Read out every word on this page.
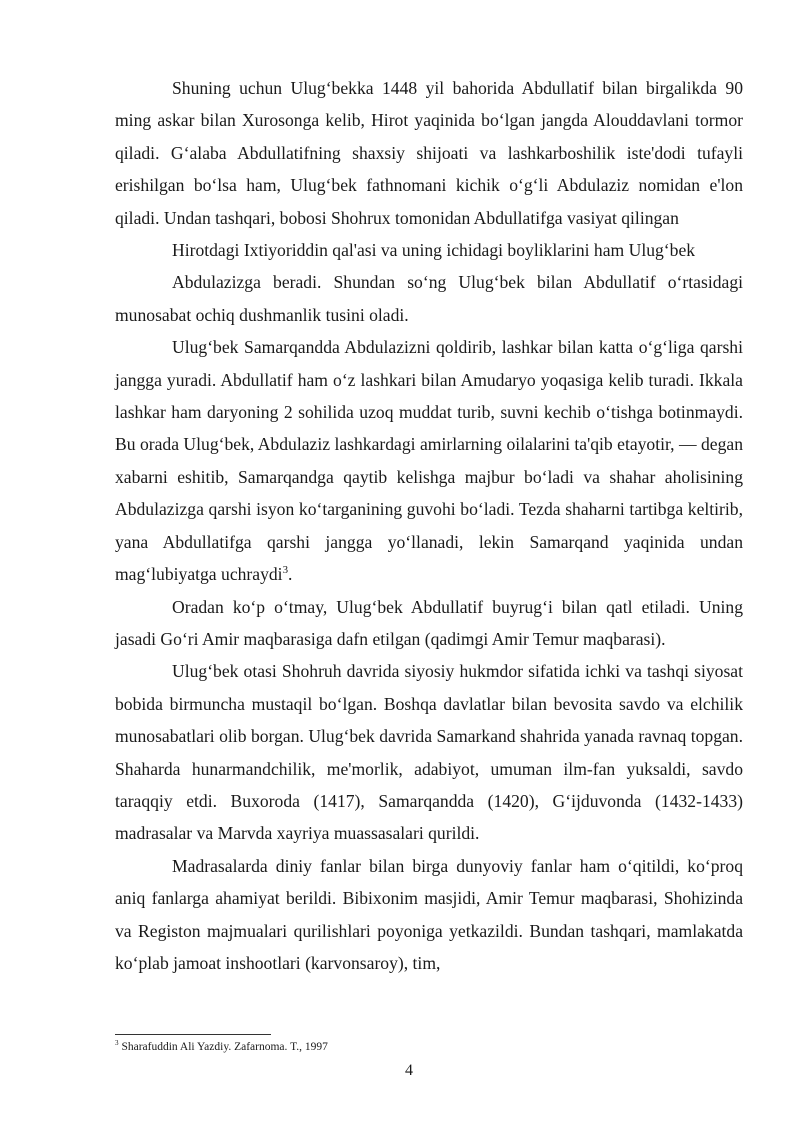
Shuning uchun Ulug‘bekka 1448 yil bahorida Abdullatif bilan birgalikda 90 ming askar bilan Xurosonga kelib, Hirot yaqinida bo‘lgan jangda Alouddavlani tormor qiladi. G‘alaba Abdullatifning shaxsiy shijoati va lashkarboshilik iste'dodi tufayli erishilgan bo‘lsa ham, Ulug‘bek fathnomani kichik o‘g‘li Abdulaziz nomidan e'lon qiladi. Undan tashqari, bobosi Shohrux tomonidan Abdullatifga vasiyat qilingan

Hirotdagi Ixtiyoriddin qal'asi va uning ichidagi boyliklarini ham Ulug‘bek

Abdulazizga beradi. Shundan so‘ng Ulug‘bek bilan Abdullatif o‘rtasidagi munosabat ochiq dushmanlik tusini oladi.

Ulug‘bek Samarqandda Abdulazizni qoldirib, lashkar bilan katta o‘g‘liga qarshi jangga yuradi. Abdullatif ham o‘z lashkari bilan Amudaryo yoqasiga kelib turadi. Ikkala lashkar ham daryoning 2 sohilida uzoq muddat turib, suvni kechib o‘tishga botinmaydi. Bu orada Ulug‘bek, Abdulaziz lashkardagi amirlarning oilalarini ta'qib etayotir, — degan xabarni eshitib, Samarqandga qaytib kelishga majbur bo‘ladi va shahar aholisining Abdulazizga qarshi isyon ko‘targanining guvohi bo‘ladi. Tezda shaharni tartibga keltirib, yana Abdullatifga qarshi jangga yo‘llanadi, lekin Samarqand yaqinida undan mag‘lubiyatga uchraydi$^3$.

Oradan ko‘p o‘tmay, Ulug‘bek Abdullatif buyrug‘i bilan qatl etiladi. Uning jasadi Go‘ri Amir maqbarasiga dafn etilgan (qadimgi Amir Temur maqbarasi).

Ulug‘bek otasi Shohruh davrida siyosiy hukmdor sifatida ichki va tashqi siyosat bobida birmuncha mustaqil bo‘lgan. Boshqa davlatlar bilan bevosita savdo va elchilik munosabatlari olib borgan. Ulug‘bek davrida Samarkand shahrida yanada ravnaq topgan. Shaharda hunarmandchilik, me'morlik, adabiyot, umuman ilm-fan yuksaldi, savdo taraqqiy etdi. Buxoroda (1417), Samarqandda (1420), G‘ijduvonda (1432-1433) madrasalar va Marvda xayriya muassasalari qurildi.

Madrasalarda diniy fanlar bilan birga dunyoviy fanlar ham o‘qitildi, ko‘proq aniq fanlarga ahamiyat berildi. Bibixonim masjidi, Amir Temur maqbarasi, Shohizinda va Registon majmualari qurilishlari poyoniga yetkazildi. Bundan tashqari, mamlakatda ko‘plab jamoat inshootlari (karvonsaroy), tim,

$^3$ Sharafuddin Ali Yazdiy. Zafarnoma. T., 1997
4
